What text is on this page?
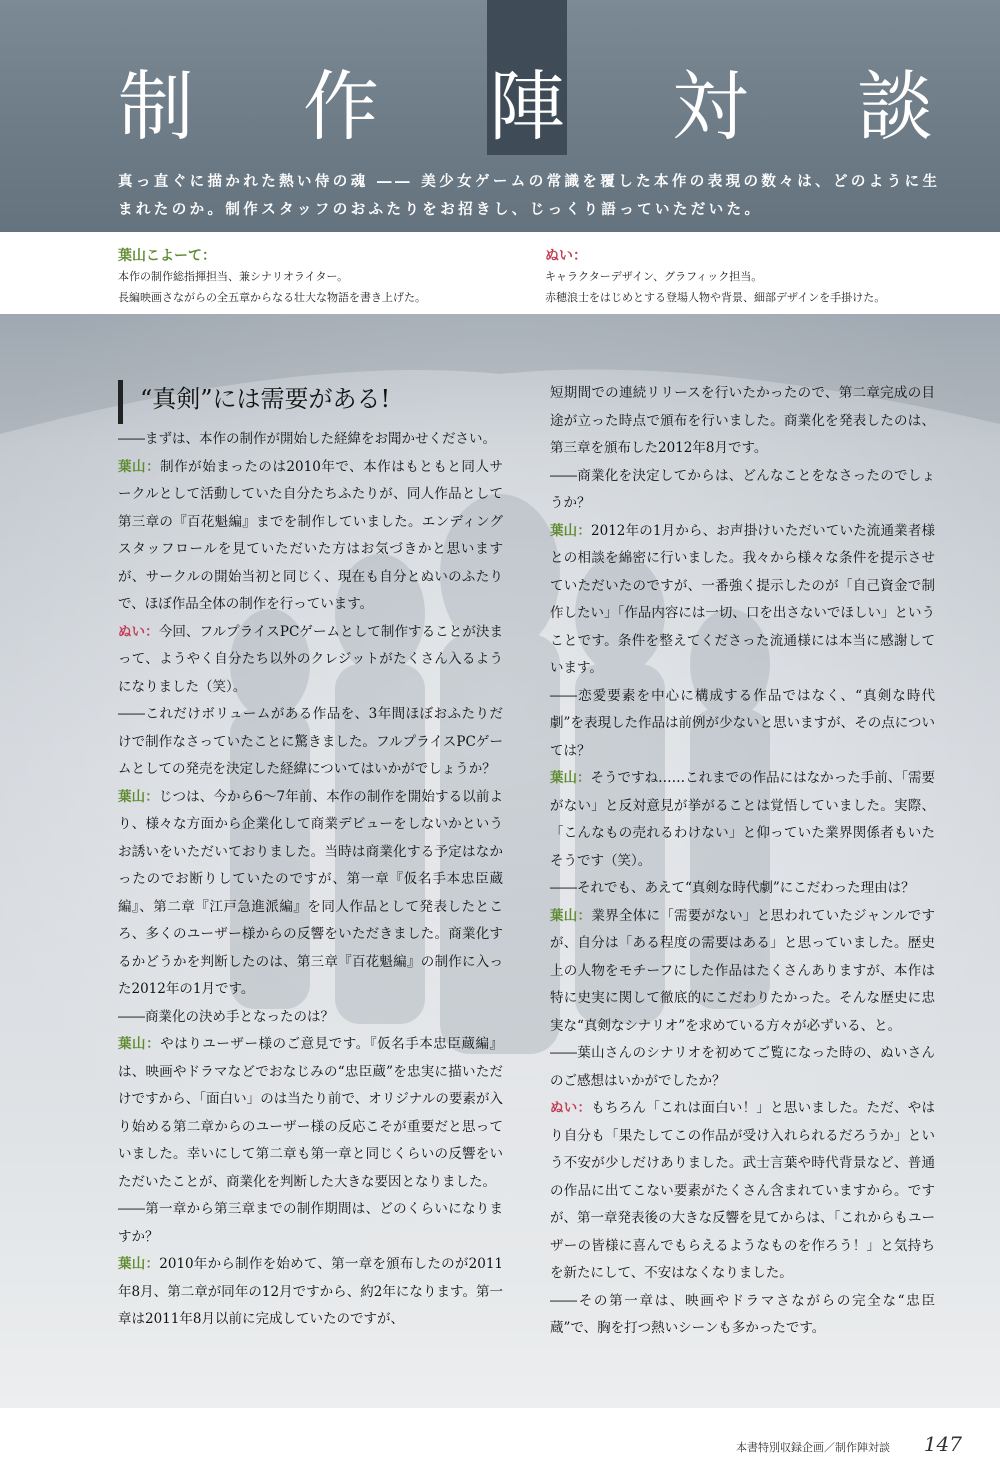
制 作	対 談
陣
真っ直ぐに描かれた熱い侍の魂 ―― 美少女ゲームの常識を覆した本作の表現の数々は、どのように生まれたのか。制作スタッフのおふたりをお招きし、じっくり語っていただいた。
葉山こよーて：
本作の制作総指揮担当、兼シナリオライター。
長編映画さながらの全五章からなる壮大な物語を書き上げた。
ぬい：
キャラクターデザイン、グラフィック担当。
赤穂浪士をはじめとする登場人物や背景、細部デザインを手掛けた。
“真剣”には需要がある!

――まずは、本作の制作が開始した経緯をお聞かせください。

葉山：制作が始まったのは2010年で、本作はもともと同人サークルとして活動していた自分たちふたりが、同人作品として第三章の『百花魁編』までを制作していました。エンディングスタッフロールを見ていただいた方はお気づきかと思いますが、サークルの開始当初と同じく、現在も自分とぬいのふたりで、ほぼ作品全体の制作を行っています。

ぬい：今回、フルプライスPCゲームとして制作することが決まって、ようやく自分たち以外のクレジットがたくさん入るようになりました（笑）。

――これだけボリュームがある作品を、3年間ほぼおふたりだけで制作なさっていたことに驚きました。フルプライスPCゲームとしての発売を決定した経緯についてはいかがでしょうか？

葉山：じつは、今から6～7年前、本作の制作を開始する以前より、様々な方面から企業化して商業デビューをしないかというお誘いをいただいておりました。当時は商業化する予定はなかったのでお断りしていたのですが、第一章『仮名手本忠臣蔵編』、第二章『江戸急進派編』を同人作品として発表したところ、多くのユーザー様からの反響をいただきました。商業化するかどうかを判断したのは、第三章『百花魁編』の制作に入った2012年の1月です。

――商業化の決め手となったのは？

葉山：やはりユーザー様のご意見です。『仮名手本忠臣蔵編』は、映画やドラマなどでおなじみの“忠臣蔵”を忠実に描いただけですから、「面白い」のは当たり前で、オリジナルの要素が入り始める第二章からのユーザー様の反応こそが重要だと思っていました。幸いにして第二章も第一章と同じくらいの反響をいただいたことが、商業化を判断した大きな要因となりました。

――第一章から第三章までの制作期間は、どのくらいになりますか？

葉山：2010年から制作を始めて、第一章を頒布したのが2011年8月、第二章が同年の12月ですから、約2年になります。第一章は2011年8月以前に完成していたのですが、

短期間での連続リリースを行いたかったので、第二章完成の目途が立った時点で頒布を行いました。商業化を発表したのは、第三章を頒布した2012年8月です。

――商業化を決定してからは、どんなことをなさったのでしょうか？

葉山：2012年の1月から、お声掛けいただいていた流通業者様との相談を綿密に行いました。我々から様々な条件を提示させていただいたのですが、一番強く提示したのが「自己資金で制作したい」「作品内容には一切、口を出さないでほしい」ということです。条件を整えてくださった流通様には本当に感謝しています。

――恋愛要素を中心に構成する作品ではなく、“真剣な時代劇”を表現した作品は前例が少ないと思いますが、その点については？

葉山：そうですね……これまでの作品にはなかった手前、「需要がない」と反対意見が挙がることは覚悟していました。実際、「こんなもの売れるわけない」と仰っていた業界関係者もいたそうです（笑）。

――それでも、あえて“真剣な時代劇”にこだわった理由は？

葉山：業界全体に「需要がない」と思われていたジャンルですが、自分は「ある程度の需要はある」と思っていました。歴史上の人物をモチーフにした作品はたくさんありますが、本作は特に史実に関して徹底的にこだわりたかった。そんな歴史に忠実な“真剣なシナリオ”を求めている方々が必ずいる、と。

――葉山さんのシナリオを初めてご覧になった時の、ぬいさんのご感想はいかがでしたか？

ぬい：もちろん「これは面白い！」と思いました。ただ、やはり自分も「果たしてこの作品が受け入れられるだろうか」という不安が少しだけありました。武士言葉や時代背景など、普通の作品に出てこない要素がたくさん含まれていますから。ですが、第一章発表後の大きな反響を見てからは、「これからもユーザーの皆様に喜んでもらえるようなものを作ろう！」と気持ちを新たにして、不安はなくなりました。

――その第一章は、映画やドラマさながらの完全な“忠臣蔵”で、胸を打つ熱いシーンも多かったです。

本書特別収録企画／制作陣対談 147
